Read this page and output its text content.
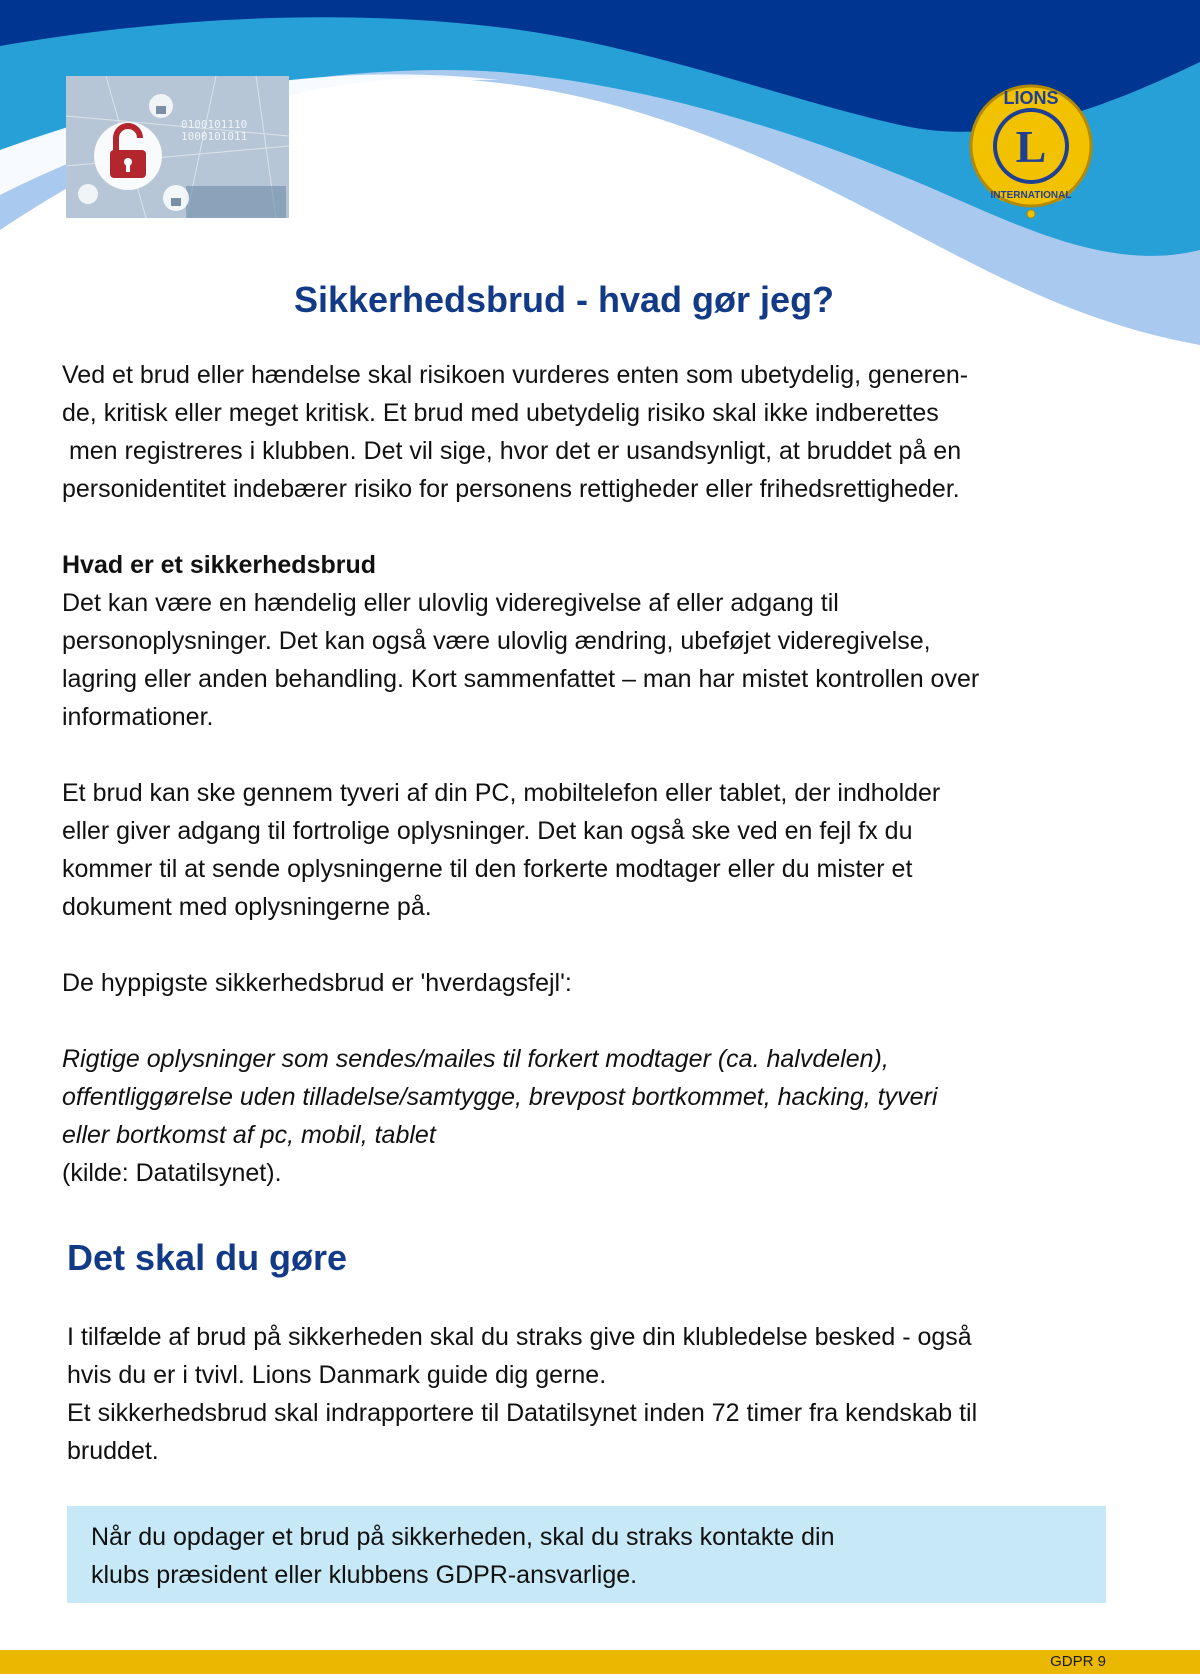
0100101110
1000101011
LIONS
L
INTERNATIONAL
Sikkerhedsbrud - hvad gør jeg?

Ved et brud eller hændelse skal risikoen vurderes enten som ubetydelig, generen-
de, kritisk eller meget kritisk. Et brud med ubetydelig risiko skal ikke indberettes
men registreres i klubben. Det vil sige, hvor det er usandsynligt, at bruddet på en
personidentitet indebærer risiko for personens rettigheder eller frihedsrettigheder.

Hvad er et sikkerhedsbrud
Det kan være en hændelig eller ulovlig videregivelse af eller adgang til
personoplysninger. Det kan også være ulovlig ændring, ubeføjet videregivelse,
lagring eller anden behandling. Kort sammenfattet – man har mistet kontrollen over
informationer.

Et brud kan ske gennem tyveri af din PC, mobiltelefon eller tablet, der indholder
eller giver adgang til fortrolige oplysninger. Det kan også ske ved en fejl fx du
kommer til at sende oplysningerne til den forkerte modtager eller du mister et
dokument med oplysningerne på.

De hyppigste sikkerhedsbrud er 'hverdagsfejl':

Rigtige oplysninger som sendes/mailes til forkert modtager (ca. halvdelen),
offentliggørelse uden tilladelse/samtygge, brevpost bortkommet, hacking, tyveri
eller bortkomst af pc, mobil, tablet
(kilde: Datatilsynet).

Det skal du gøre

I tilfælde af brud på sikkerheden skal du straks give din klubledelse besked - også

hvis du er i tvivl. Lions Danmark guide dig gerne.

Et sikkerhedsbrud skal indrapportere til Datatilsynet inden 72 timer fra kendskab til

bruddet.

Når du opdager et brud på sikkerheden, skal du straks kontakte din
klubs præsident eller klubbens GDPR-ansvarlige.
GDPR 9
